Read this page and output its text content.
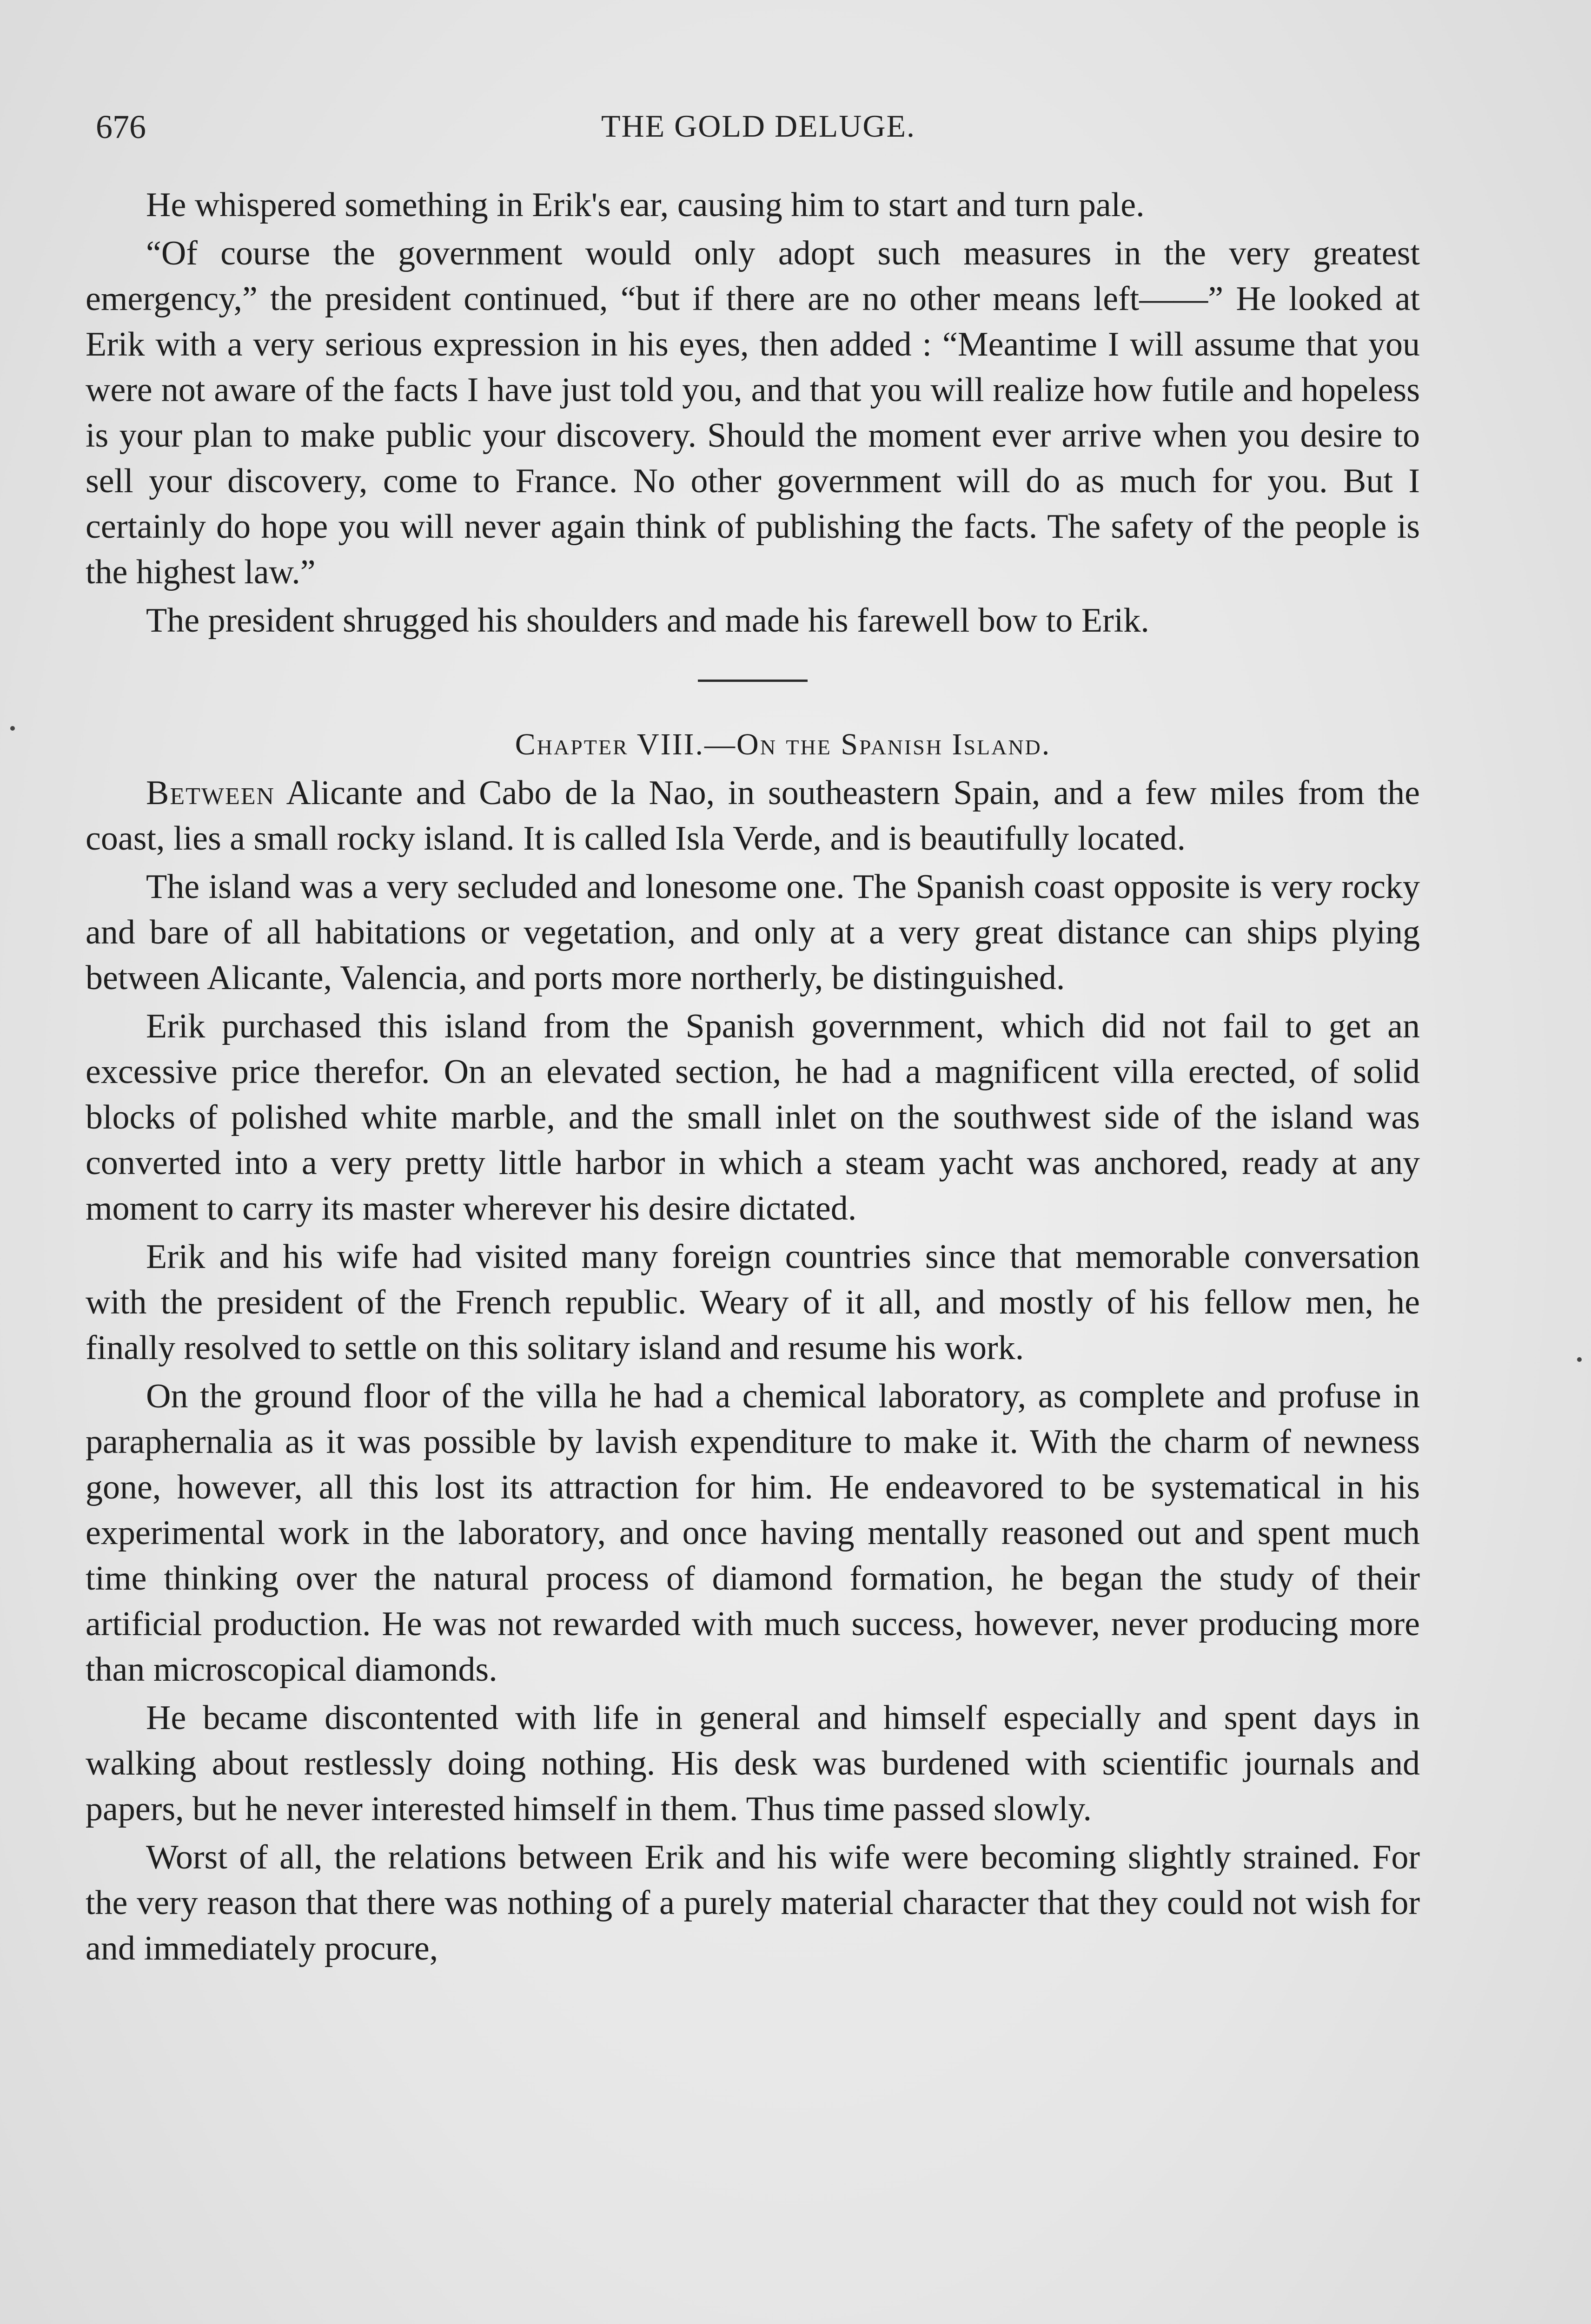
676	THE GOLD DELUGE.

He whispered something in Erik's ear, causing him to start and turn pale.

“Of course the government would only adopt such measures in the very greatest emergency,” the president continued, “but if there are no other means left——” He looked at Erik with a very serious expression in his eyes, then added : “Meantime I will assume that you were not aware of the facts I have just told you, and that you will realize how futile and hopeless is your plan to make public your discovery. Should the moment ever arrive when you desire to sell your discovery, come to France. No other government will do as much for you. But I certainly do hope you will never again think of publishing the facts. The safety of the people is the highest law.”

The president shrugged his shoulders and made his farewell bow to Erik.

Chapter VIII.—On the Spanish Island.

Between Alicante and Cabo de la Nao, in southeastern Spain, and a few miles from the coast, lies a small rocky island. It is called Isla Verde, and is beautifully located.

The island was a very secluded and lonesome one. The Spanish coast opposite is very rocky and bare of all habitations or vegetation, and only at a very great distance can ships plying between Alicante, Valencia, and ports more northerly, be distinguished.

Erik purchased this island from the Spanish government, which did not fail to get an excessive price therefor. On an elevated section, he had a magnificent villa erected, of solid blocks of polished white marble, and the small inlet on the southwest side of the island was converted into a very pretty little harbor in which a steam yacht was anchored, ready at any moment to carry its master wherever his desire dictated.

Erik and his wife had visited many foreign countries since that memorable conversation with the president of the French republic. Weary of it all, and mostly of his fellow men, he finally resolved to settle on this solitary island and resume his work.

On the ground floor of the villa he had a chemical laboratory, as complete and profuse in paraphernalia as it was possible by lavish expenditure to make it. With the charm of newness gone, however, all this lost its attraction for him. He endeavored to be systematical in his experimental work in the laboratory, and once having mentally reasoned out and spent much time thinking over the natural process of diamond formation, he began the study of their artificial production. He was not rewarded with much success, however, never producing more than microscopical diamonds.

He became discontented with life in general and himself especially and spent days in walking about restlessly doing nothing. His desk was burdened with scientific journals and papers, but he never interested himself in them. Thus time passed slowly.

Worst of all, the relations between Erik and his wife were becoming slightly strained. For the very reason that there was nothing of a purely material character that they could not wish for and immediately procure,
